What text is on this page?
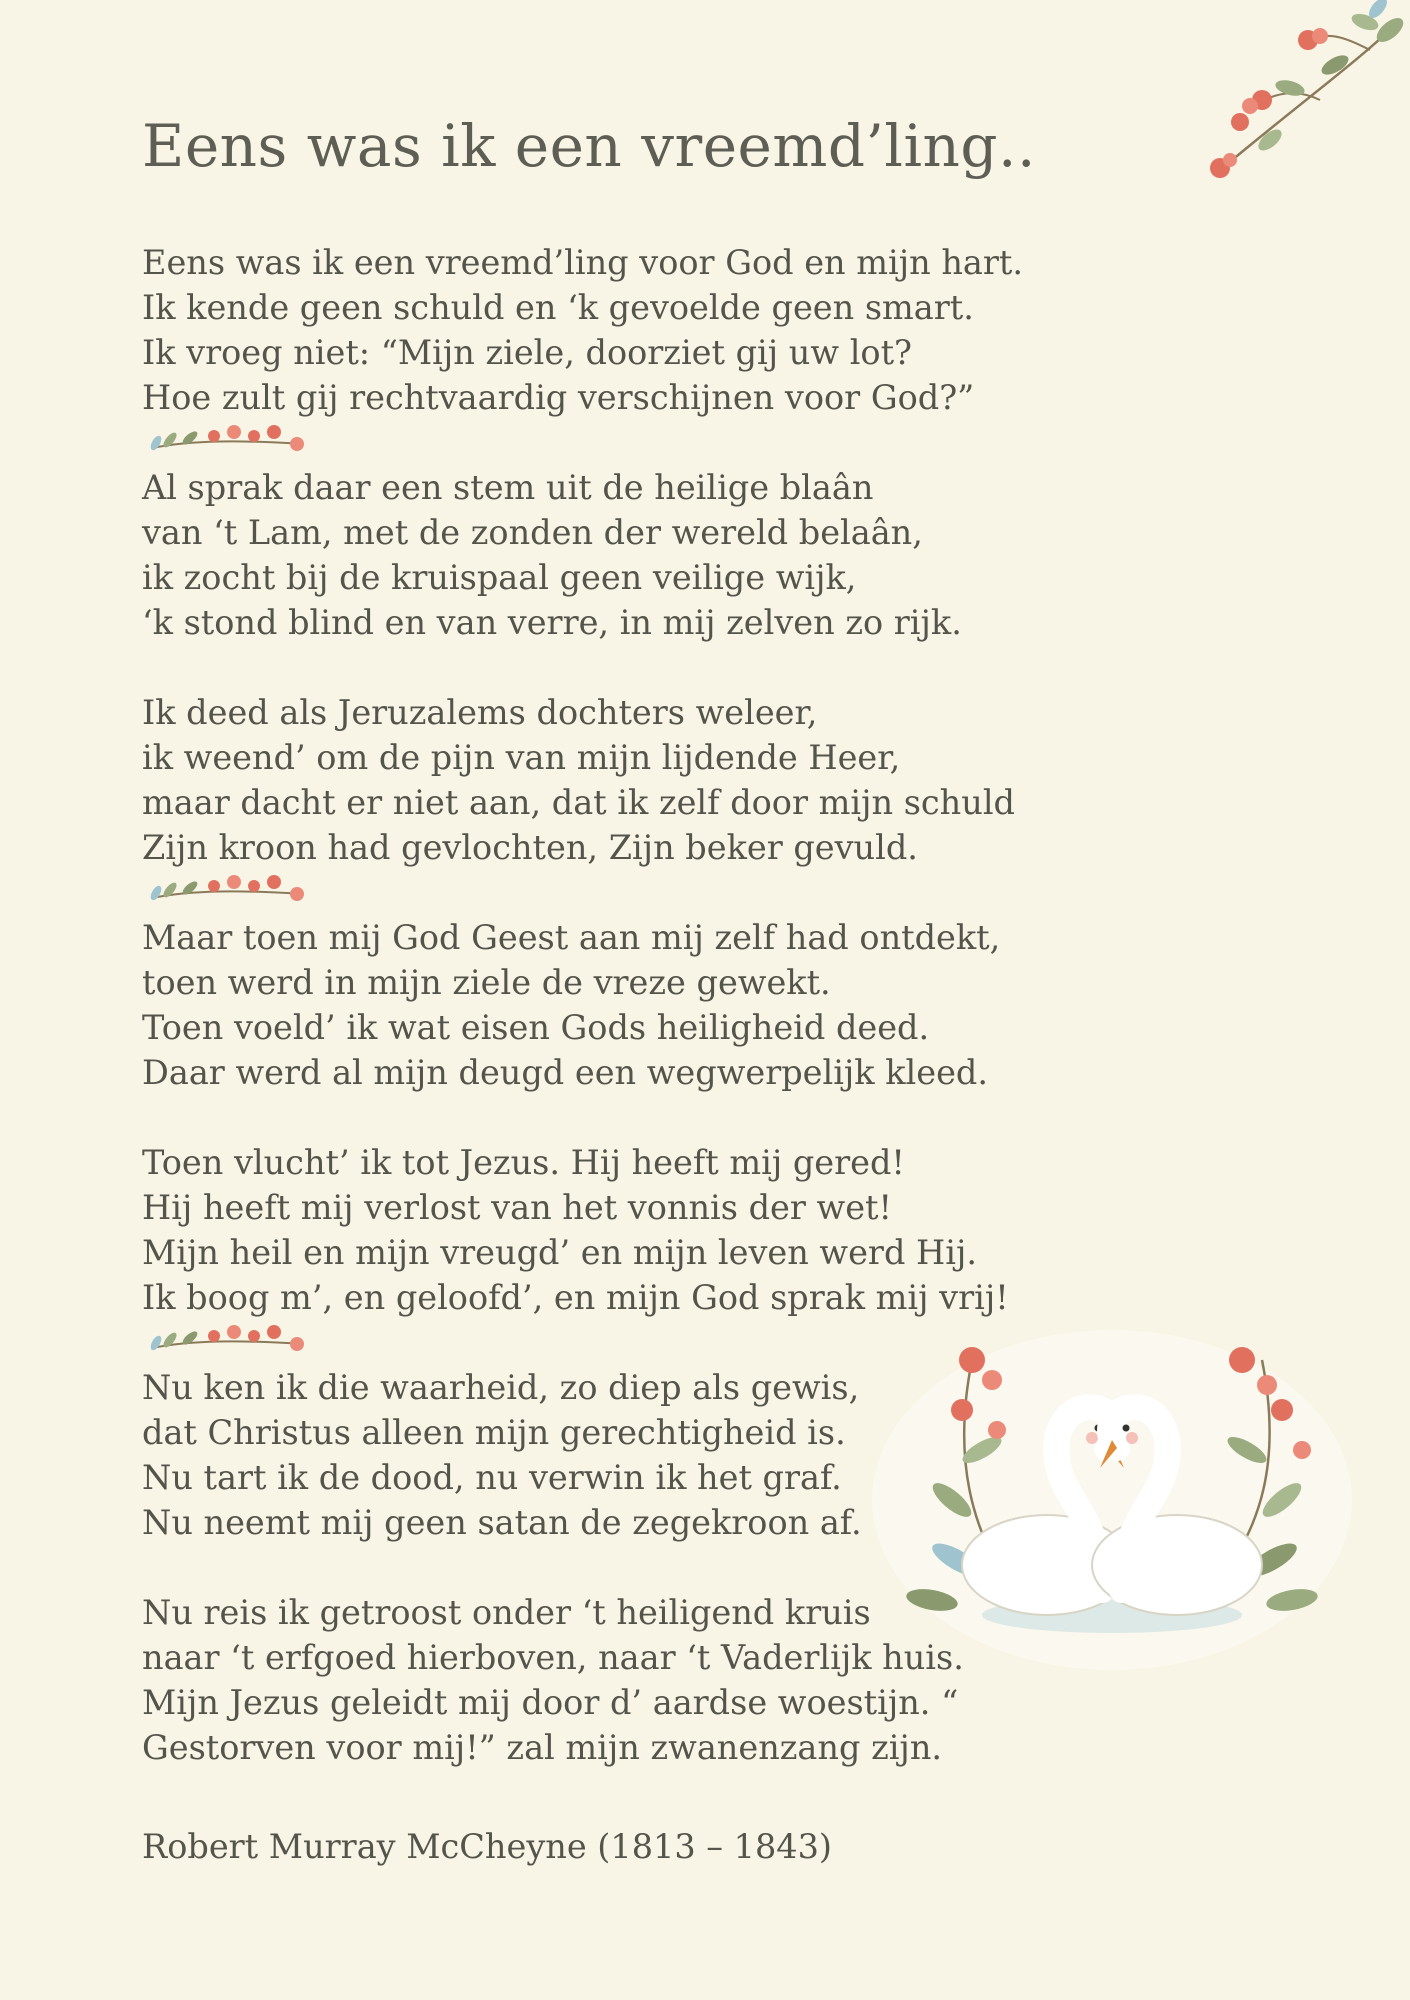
Eens was ik een vreemd’ling..
Eens was ik een vreemd’ling voor God en mijn hart.
Ik kende geen schuld en ‘k gevoelde geen smart.
Ik vroeg niet: “Mijn ziele, doorziet gij uw lot?
Hoe zult gij rechtvaardig verschijnen voor God?”
Al sprak daar een stem uit de heilige blaân
van ‘t Lam, met de zonden der wereld belaân,
ik zocht bij de kruispaal geen veilige wijk,
‘k stond blind en van verre, in mij zelven zo rijk.
Ik deed als Jeruzalems dochters weleer,
ik weend’ om de pijn van mijn lijdende Heer,
maar dacht er niet aan, dat ik zelf door mijn schuld
Zijn kroon had gevlochten, Zijn beker gevuld.
Maar toen mij God Geest aan mij zelf had ontdekt,
toen werd in mijn ziele de vreze gewekt.
Toen voeld’ ik wat eisen Gods heiligheid deed.
Daar werd al mijn deugd een wegwerpelijk kleed.
Toen vlucht’ ik tot Jezus. Hij heeft mij gered!
Hij heeft mij verlost van het vonnis der wet!
Mijn heil en mijn vreugd’ en mijn leven werd Hij.
Ik boog m’, en geloofd’, en mijn God sprak mij vrij!
Nu ken ik die waarheid, zo diep als gewis,
dat Christus alleen mijn gerechtigheid is.
Nu tart ik de dood, nu verwin ik het graf.
Nu neemt mij geen satan de zegekroon af.
Nu reis ik getroost onder ‘t heiligend kruis
naar ‘t erfgoed hierboven, naar ‘t Vaderlijk huis.
Mijn Jezus geleidt mij door d’ aardse woestijn. “
Gestorven voor mij!” zal mijn zwanenzang zijn.
Robert Murray McCheyne (1813 – 1843)
